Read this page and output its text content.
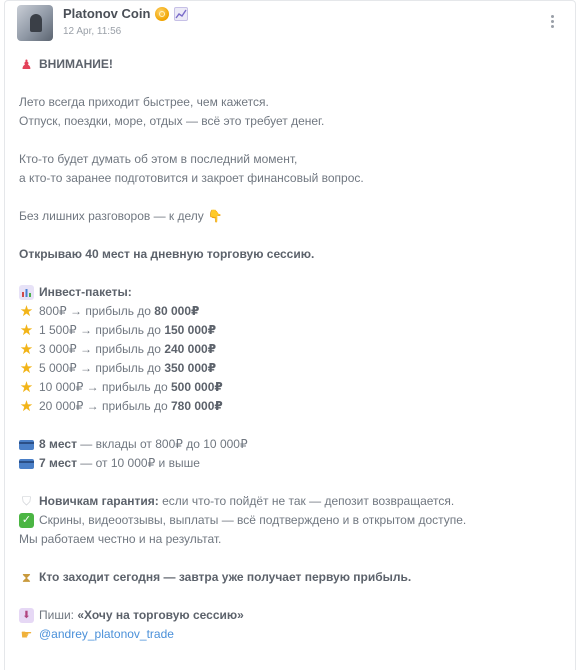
Platonov Coin
12 Apr, 11:56
♟ ВНИМАНИЕ!
Лето всегда приходит быстрее, чем кажется.
Отпуск, поездки, море, отдых — всё это требует денег.
Кто-то будет думать об этом в последний момент,
а кто-то заранее подготовится и закроет финансовый вопрос.
Без лишних разговоров — к делу 👇
Открываю 40 мест на дневную торговую сессию.
Инвест-пакеты:
★ 800₽ → прибыль до 80 000₽
★ 1 500₽ → прибыль до 150 000₽
★ 3 000₽ → прибыль до 240 000₽
★ 5 000₽ → прибыль до 350 000₽
★ 10 000₽ → прибыль до 500 000₽
★ 20 000₽ → прибыль до 780 000₽
8 мест — вклады от 800₽ до 10 000₽
7 мест — от 10 000₽ и выше
⛉ Новичкам гарантия: если что-то пойдёт не так — депозит возвращается.
✓ Скрины, видеоотзывы, выплаты — всё подтверждено и в открытом доступе.
Мы работаем честно и на результат.
⧗ Кто заходит сегодня — завтра уже получает первую прибыль.
⬇ Пиши: «Хочу на торговую сессию»
☛ @andrey_platonov_trade
